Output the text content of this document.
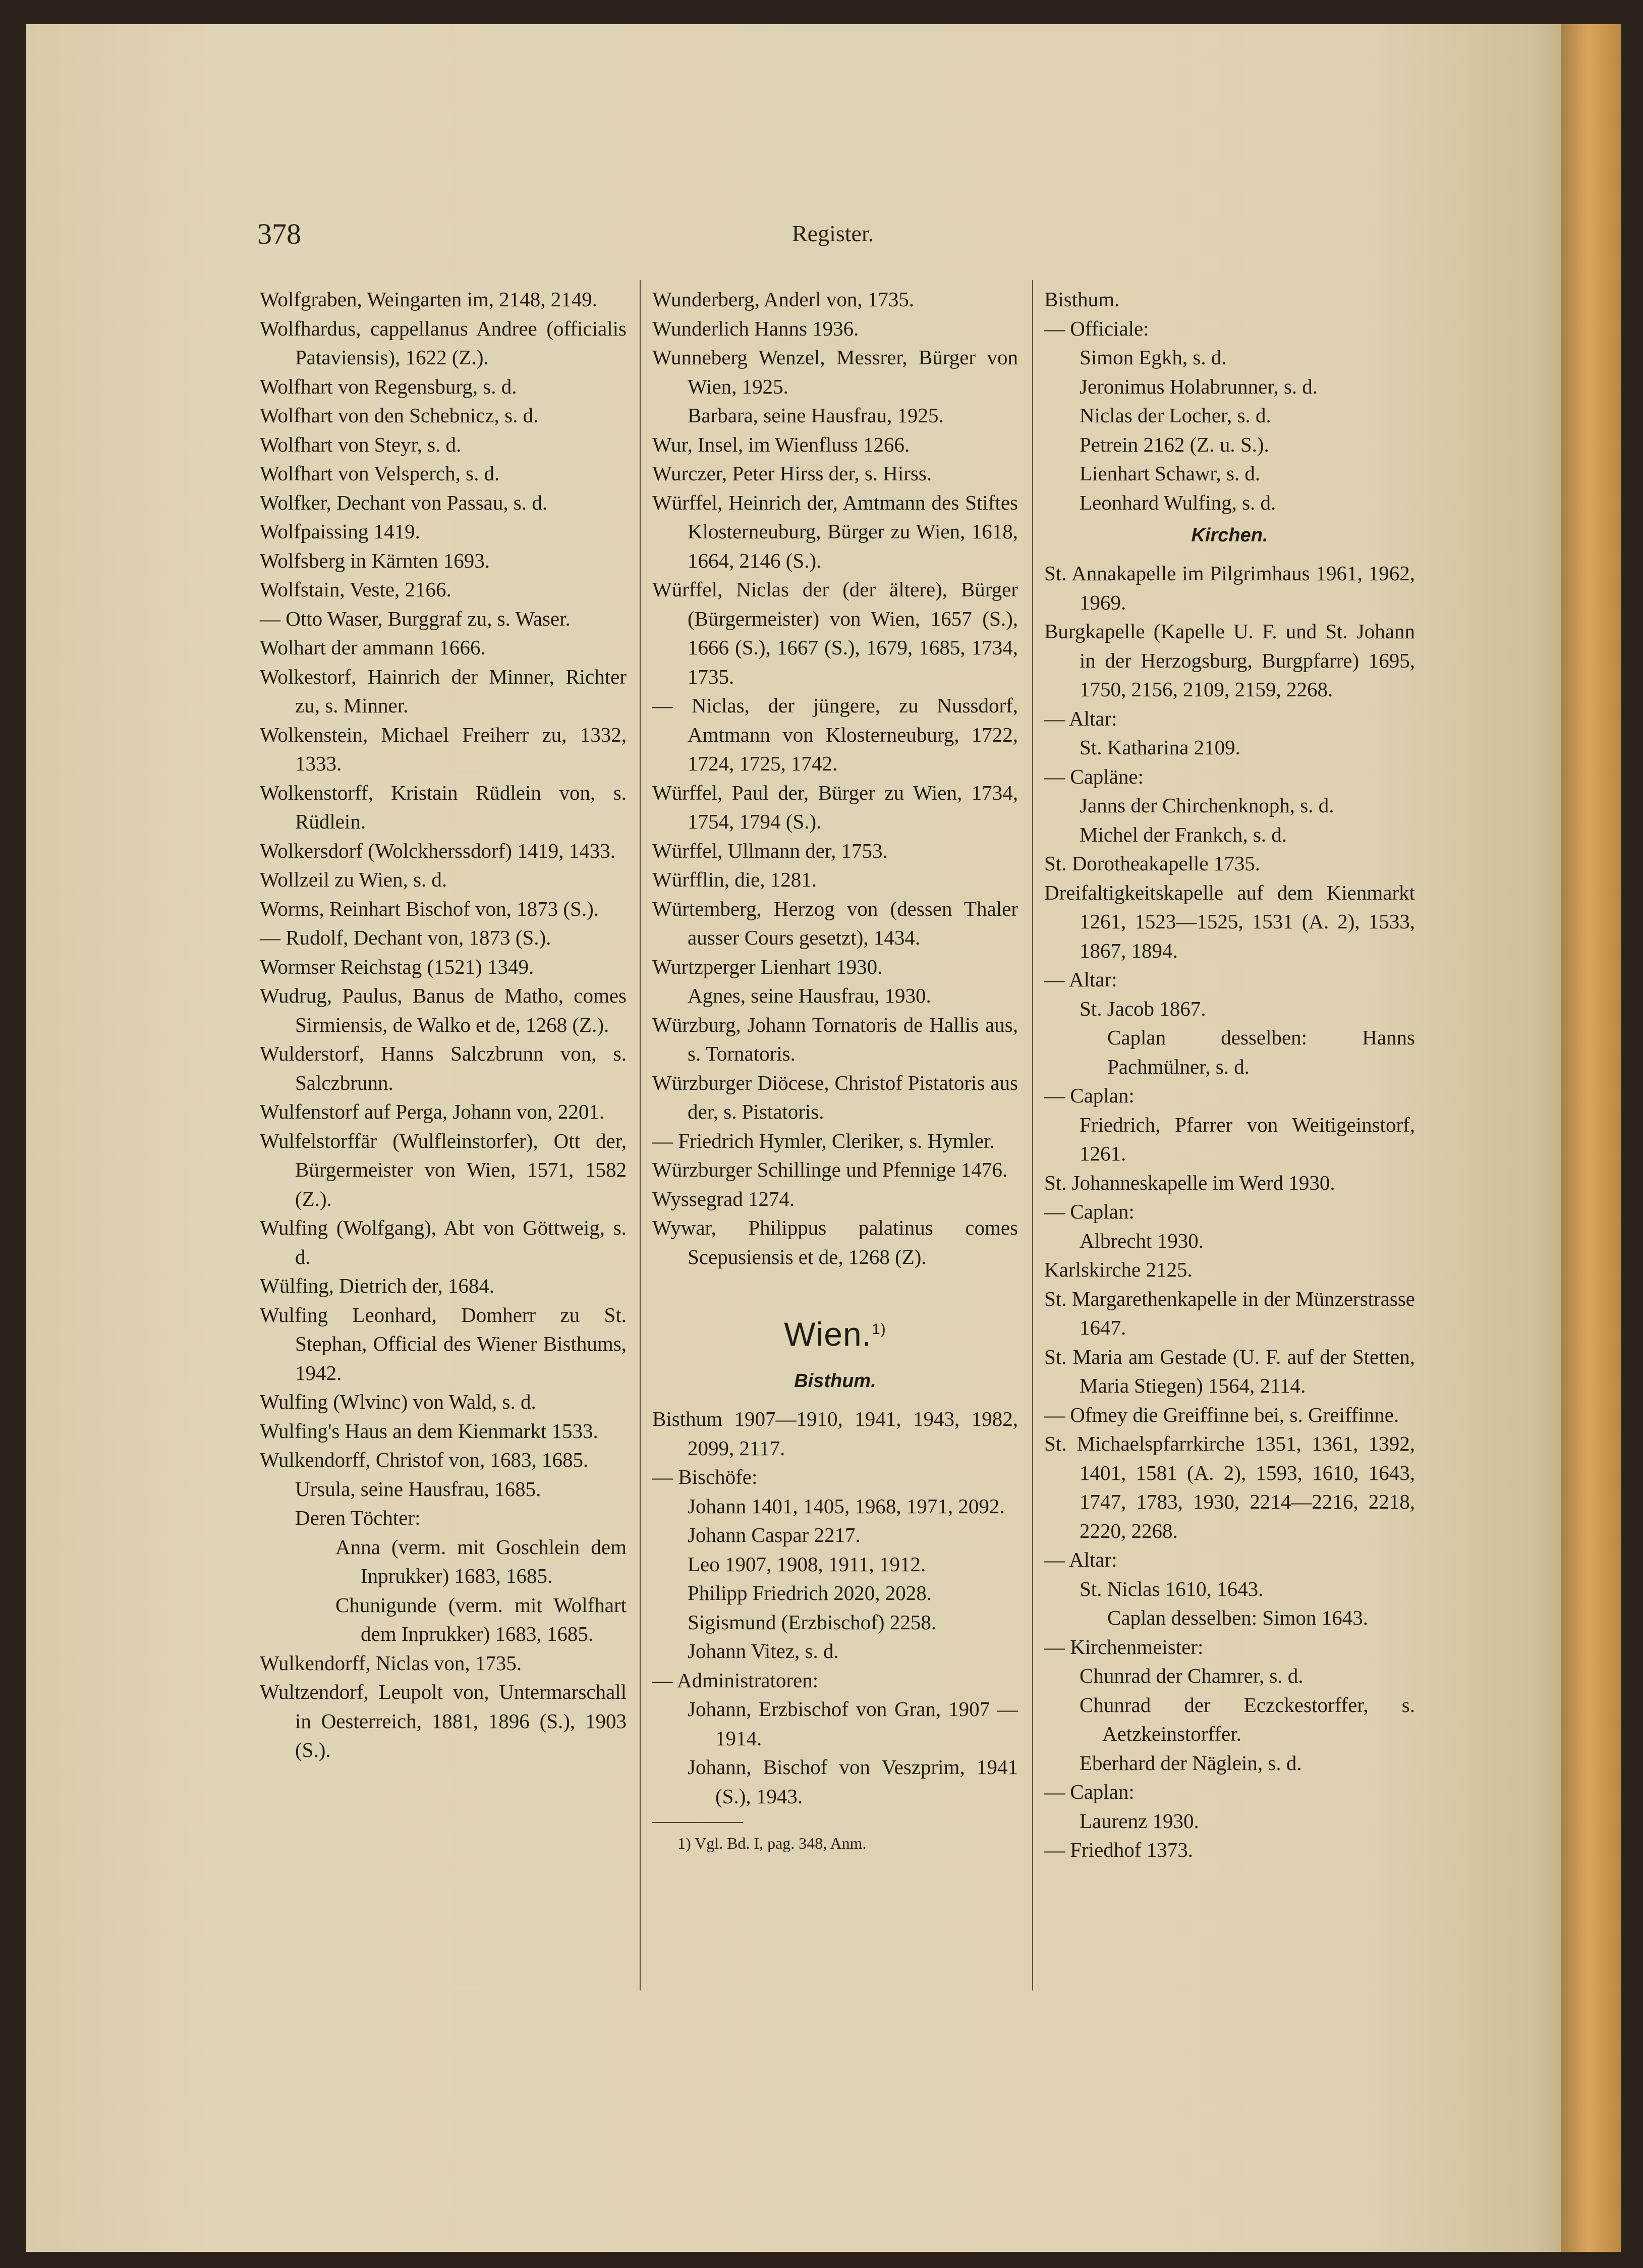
378	Register.
Wolfgraben, Weingarten im, 2148, 2149.
Wolfhardus, cappellanus Andree (officialis Pataviensis), 1622 (Z.).
Wolfhart von Regensburg, s. d.
Wolfhart von den Schebnicz, s. d.
Wolfhart von Steyr, s. d.
Wolfhart von Velsperch, s. d.
Wolfker, Dechant von Passau, s. d.
Wolfpaissing 1419.
Wolfsberg in Kärnten 1693.
Wolfstain, Veste, 2166.
— Otto Waser, Burggraf zu, s. Waser.
Wolhart der ammann 1666.
Wolkestorf, Hainrich der Minner, Richter zu, s. Minner.
Wolkenstein, Michael Freiherr zu, 1332, 1333.
Wolkenstorff, Kristain Rüdlein von, s. Rüdlein.
Wolkersdorf (Wolckherssdorf) 1419, 1433.
Wollzeil zu Wien, s. d.
Worms, Reinhart Bischof von, 1873 (S.).
— Rudolf, Dechant von, 1873 (S.).
Wormser Reichstag (1521) 1349.
Wudrug, Paulus, Banus de Matho, comes Sirmiensis, de Walko et de, 1268 (Z.).
Wulderstorf, Hanns Salczbrunn von, s. Salczbrunn.
Wulfenstorf auf Perga, Johann von, 2201.
Wulfelstorffär (Wulfleinstorfer), Ott der, Bürgermeister von Wien, 1571, 1582 (Z.).
Wulfing (Wolfgang), Abt von Göttweig, s. d.
Wülfing, Dietrich der, 1684.
Wulfing Leonhard, Domherr zu St. Stephan, Official des Wiener Bisthums, 1942.
Wulfing (Wlvinc) von Wald, s. d.
Wulfing's Haus an dem Kienmarkt 1533.
Wulkendorff, Christof von, 1683, 1685.
Ursula, seine Hausfrau, 1685.
Deren Töchter:
Anna (verm. mit Goschlein dem Inprukker) 1683, 1685.
Chunigunde (verm. mit Wolfhart dem Inprukker) 1683, 1685.
Wulkendorff, Niclas von, 1735.
Wultzendorf, Leupolt von, Untermarschall in Oesterreich, 1881, 1896 (S.), 1903 (S.).
Wunderberg, Anderl von, 1735.
Wunderlich Hanns 1936.
Wunneberg Wenzel, Messrer, Bürger von Wien, 1925.
Barbara, seine Hausfrau, 1925.
Wur, Insel, im Wienfluss 1266.
Wurczer, Peter Hirss der, s. Hirss.
Würffel, Heinrich der, Amtmann des Stiftes Klosterneuburg, Bürger zu Wien, 1618, 1664, 2146 (S.).
Würffel, Niclas der (der ältere), Bürger (Bürgermeister) von Wien, 1657 (S.), 1666 (S.), 1667 (S.), 1679, 1685, 1734, 1735.
— Niclas, der jüngere, zu Nussdorf, Amtmann von Klosterneuburg, 1722, 1724, 1725, 1742.
Würffel, Paul der, Bürger zu Wien, 1734, 1754, 1794 (S.).
Würffel, Ullmann der, 1753.
Würfflin, die, 1281.
Würtemberg, Herzog von (dessen Thaler ausser Cours gesetzt), 1434.
Wurtzperger Lienhart 1930.
Agnes, seine Hausfrau, 1930.
Würzburg, Johann Tornatoris de Hallis aus, s. Tornatoris.
Würzburger Diöcese, Christof Pistatoris aus der, s. Pistatoris.
— Friedrich Hymler, Cleriker, s. Hymler.
Würzburger Schillinge und Pfennige 1476.
Wyssegrad 1274.
Wywar, Philippus palatinus comes Scepusiensis et de, 1268 (Z).
Wien.$^{1)}$
Bisthum.
Bisthum 1907—1910, 1941, 1943, 1982, 2099, 2117.
— Bischöfe:
Johann 1401, 1405, 1968, 1971, 2092.
Johann Caspar 2217.
Leo 1907, 1908, 1911, 1912.
Philipp Friedrich 2020, 2028.
Sigismund (Erzbischof) 2258.
Johann Vitez, s. d.
— Administratoren:
Johann, Erzbischof von Gran, 1907 —1914.
Johann, Bischof von Veszprim, 1941 (S.), 1943.
1) Vgl. Bd. I, pag. 348, Anm.
Bisthum.
— Officiale:
Simon Egkh, s. d.
Jeronimus Holabrunner, s. d.
Niclas der Locher, s. d.
Petrein 2162 (Z. u. S.).
Lienhart Schawr, s. d.
Leonhard Wulfing, s. d.
Kirchen.
St. Annakapelle im Pilgrimhaus 1961, 1962, 1969.
Burgkapelle (Kapelle U. F. und St. Johann in der Herzogsburg, Burgpfarre) 1695, 1750, 2156, 2109, 2159, 2268.
— Altar:
St. Katharina 2109.
— Capläne:
Janns der Chirchenknoph, s. d.
Michel der Frankch, s. d.
St. Dorotheakapelle 1735.
Dreifaltigkeitskapelle auf dem Kienmarkt 1261, 1523—1525, 1531 (A. 2), 1533, 1867, 1894.
— Altar:
St. Jacob 1867.
Caplan desselben: Hanns Pachmülner, s. d.
— Caplan:
Friedrich, Pfarrer von Weitigeinstorf, 1261.
St. Johanneskapelle im Werd 1930.
— Caplan:
Albrecht 1930.
Karlskirche 2125.
St. Margarethenkapelle in der Münzerstrasse 1647.
St. Maria am Gestade (U. F. auf der Stetten, Maria Stiegen) 1564, 2114.
— Ofmey die Greiffinne bei, s. Greiffinne.
St. Michaelspfarrkirche 1351, 1361, 1392, 1401, 1581 (A. 2), 1593, 1610, 1643, 1747, 1783, 1930, 2214—2216, 2218, 2220, 2268.
— Altar:
St. Niclas 1610, 1643.
Caplan desselben: Simon 1643.
— Kirchenmeister:
Chunrad der Chamrer, s. d.
Chunrad der Eczckestorffer, s. Aetzkeinstorffer.
Eberhard der Näglein, s. d.
— Caplan:
Laurenz 1930.
— Friedhof 1373.
